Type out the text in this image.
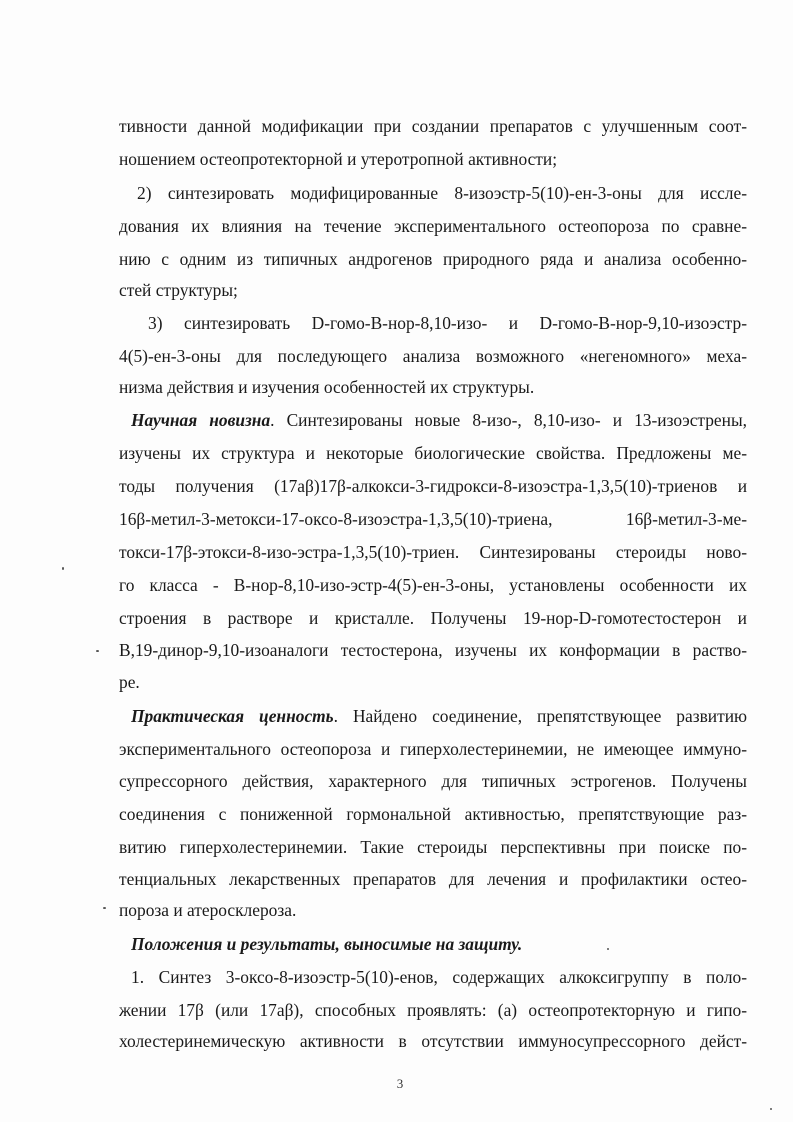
тивности данной модификации при создании препаратов с улучшенным соот-
ношением остеопротекторной и утеротропной активности;
2) синтезировать модифицированные 8-изоэстр-5(10)-ен-3-оны для иссле-
дования их влияния на течение экспериментального остеопороза по сравне-
нию с одним из типичных андрогенов природного ряда и анализа особенно-
стей структуры;
3) синтезировать D-гомо-B-нор-8,10-изо- и D-гомо-B-нор-9,10-изоэстр-
4(5)-ен-3-оны для последующего анализа возможного «негеномного» меха-
низма действия и изучения особенностей их структуры.
Научная новизна. Синтезированы новые 8-изо-, 8,10-изо- и 13-изоэстрены,
изучены их структура и некоторые биологические свойства. Предложены ме-
тоды получения (17аβ)17β-алкокси-3-гидрокси-8-изоэстра-1,3,5(10)-триенов и
16β-метил-3-метокси-17-оксо-8-изоэстра-1,3,5(10)-триена, 16β-метил-3-ме-
токси-17β-этокси-8-изо-эстра-1,3,5(10)-триен. Синтезированы стероиды ново-
го класса - B-нор-8,10-изо-эстр-4(5)-ен-3-оны, установлены особенности их
строения в растворе и кристалле. Получены 19-нор-D-гомотестостерон и
B,19-динор-9,10-изоаналоги тестостерона, изучены их конформации в раство-
ре.
Практическая ценность. Найдено соединение, препятствующее развитию
экспериментального остеопороза и гиперхолестеринемии, не имеющее иммуно-
супрессорного действия, характерного для типичных эстрогенов. Получены
соединения с пониженной гормональной активностью, препятствующие раз-
витию гиперхолестеринемии. Такие стероиды перспективны при поиске по-
тенциальных лекарственных препаратов для лечения и профилактики остео-
пороза и атеросклероза.
Положения и результаты, выносимые на защиту.
1. Синтез 3-оксо-8-изоэстр-5(10)-енов, содержащих алкоксигруппу в поло-
жении 17β (или 17аβ), способных проявлять: (а) остеопротекторную и гипо-
холестеринемическую активности в отсутствии иммуносупрессорного дейст-
3
